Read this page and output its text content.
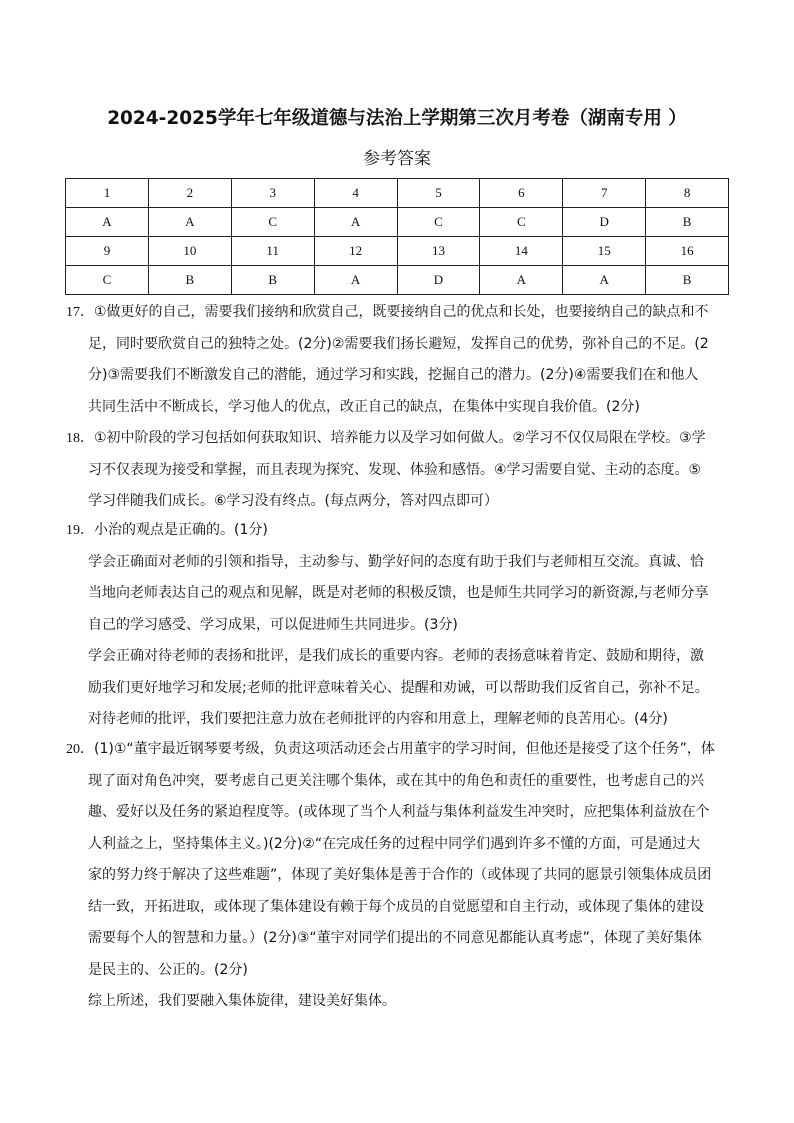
2024-2025学年七年级道德与法治上学期第三次月考卷（湖南专用 ）
参考答案
1	2	3	4	5	6	7	8
A	A	C	A	C	C	D	B
9	10	11	12	13	14	15	16
C	B	B	A	D	A	A	B
17．①做更好的自己，需要我们接纳和欣赏自己，既要接纳自己的优点和长处，也要接纳自己的缺点和不
足，同时要欣赏自己的独特之处。(2分)②需要我们扬长避短，发挥自己的优势，弥补自己的不足。(2
分)③需要我们不断激发自己的潜能，通过学习和实践，挖掘自己的潜力。(2分)④需要我们在和他人
共同生活中不断成长，学习他人的优点，改正自己的缺点，在集体中实现自我价值。(2分)
18．①初中阶段的学习包括如何获取知识、培养能力以及学习如何做人。②学习不仅仅局限在学校。③学
习不仅表现为接受和掌握，而且表现为探究、发现、体验和感悟。④学习需要自觉、主动的态度。⑤
学习伴随我们成长。⑥学习没有终点。(每点两分，答对四点即可）
19．小治的观点是正确的。(1分)
学会正确面对老师的引领和指导，主动参与、勤学好问的态度有助于我们与老师相互交流。真诚、恰
当地向老师表达自己的观点和见解，既是对老师的积极反馈，也是师生共同学习的新资源,与老师分享
自己的学习感受、学习成果，可以促进师生共同进步。(3分)
学会正确对待老师的表扬和批评，是我们成长的重要内容。老师的表扬意味着肯定、鼓励和期待，激
励我们更好地学习和发展;老师的批评意味着关心、提醒和劝诫，可以帮助我们反省自己，弥补不足。
对待老师的批评，我们要把注意力放在老师批评的内容和用意上，理解老师的良苦用心。(4分)
20．(1)①“董宇最近钢琴要考级，负责这项活动还会占用董宇的学习时间，但他还是接受了这个任务”，体
现了面对角色冲突，要考虑自己更关注哪个集体，或在其中的角色和责任的重要性，也考虑自己的兴
趣、爱好以及任务的紧迫程度等。(或体现了当个人利益与集体利益发生冲突时，应把集体利益放在个
人利益之上，坚持集体主义。)(2分)②“在完成任务的过程中同学们遇到许多不懂的方面，可是通过大
家的努力终于解决了这些难题”，体现了美好集体是善于合作的（或体现了共同的愿景引领集体成员团
结一致，开拓进取，或体现了集体建设有赖于每个成员的自觉愿望和自主行动，或体现了集体的建设
需要每个人的智慧和力量。）(2分)③“董宇对同学们提出的不同意见都能认真考虑”，体现了美好集体
是民主的、公正的。(2分)
综上所述，我们要融入集体旋律，建设美好集体。
